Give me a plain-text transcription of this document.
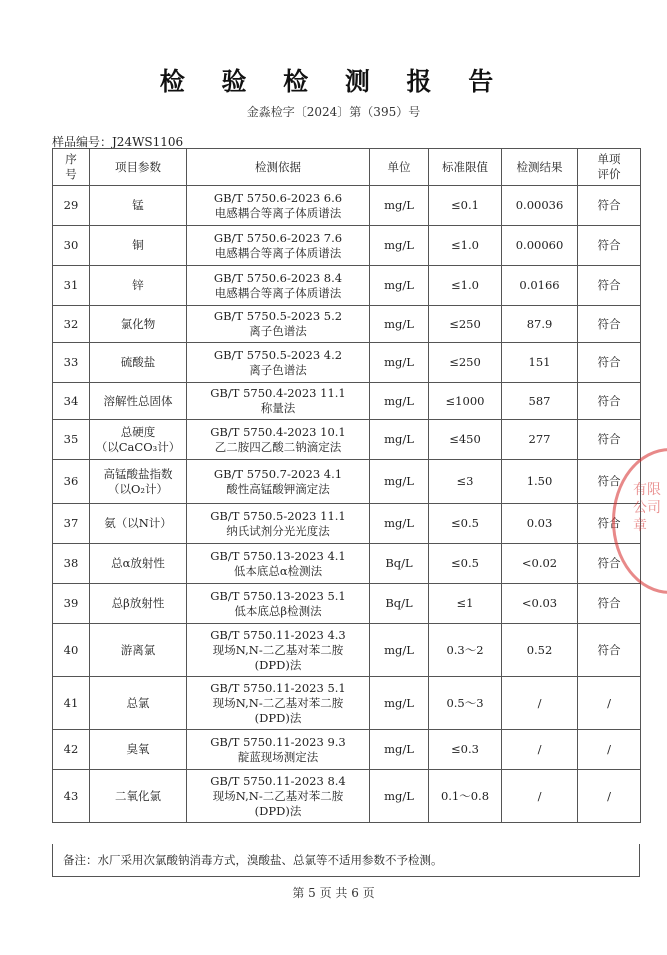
检 验 检 测 报 告
金淼检字〔2024〕第（395）号
样品编号：J24WS1106
序
号	项目参数	检测依据	单位	标准限值	检测结果	单项
评价

29	锰	GB/T 5750.6-2023 6.6
电感耦合等离子体质谱法	mg/L	≤0.1	0.00036	符合
30	铜	GB/T 5750.6-2023 7.6
电感耦合等离子体质谱法	mg/L	≤1.0	0.00060	符合
31	锌	GB/T 5750.6-2023 8.4
电感耦合等离子体质谱法	mg/L	≤1.0	0.0166	符合
32	氯化物	GB/T 5750.5-2023 5.2
离子色谱法	mg/L	≤250	87.9	符合
33	硫酸盐	GB/T 5750.5-2023 4.2
离子色谱法	mg/L	≤250	151	符合
34	溶解性总固体	GB/T 5750.4-2023 11.1
称量法	mg/L	≤1000	587	符合
35	总硬度
（以CaCO₃计）	GB/T 5750.4-2023 10.1
乙二胺四乙酸二钠滴定法	mg/L	≤450	277	符合
36	高锰酸盐指数
（以O₂计）	GB/T 5750.7-2023 4.1
酸性高锰酸钾滴定法	mg/L	≤3	1.50	符合
37	氨（以N计）	GB/T 5750.5-2023 11.1
纳氏试剂分光光度法	mg/L	≤0.5	0.03	符合
38	总α放射性	GB/T 5750.13-2023 4.1
低本底总α检测法	Bq/L	≤0.5	<0.02	符合
39	总β放射性	GB/T 5750.13-2023 5.1
低本底总β检测法	Bq/L	≤1	<0.03	符合
40	游离氯	GB/T 5750.11-2023 4.3
现场N,N-二乙基对苯二胺
(DPD)法	mg/L	0.3～2	0.52	符合
41	总氯	GB/T 5750.11-2023 5.1
现场N,N-二乙基对苯二胺
(DPD)法	mg/L	0.5～3	/	/
42	臭氧	GB/T 5750.11-2023 9.3
靛蓝现场测定法	mg/L	≤0.3	/	/
43	二氧化氯	GB/T 5750.11-2023 8.4
现场N,N-二乙基对苯二胺
(DPD)法	mg/L	0.1～0.8	/	/
备注：水厂采用次氯酸钠消毒方式，溴酸盐、总氯等不适用参数不予检测。
第 5 页 共 6 页
有限公司章
